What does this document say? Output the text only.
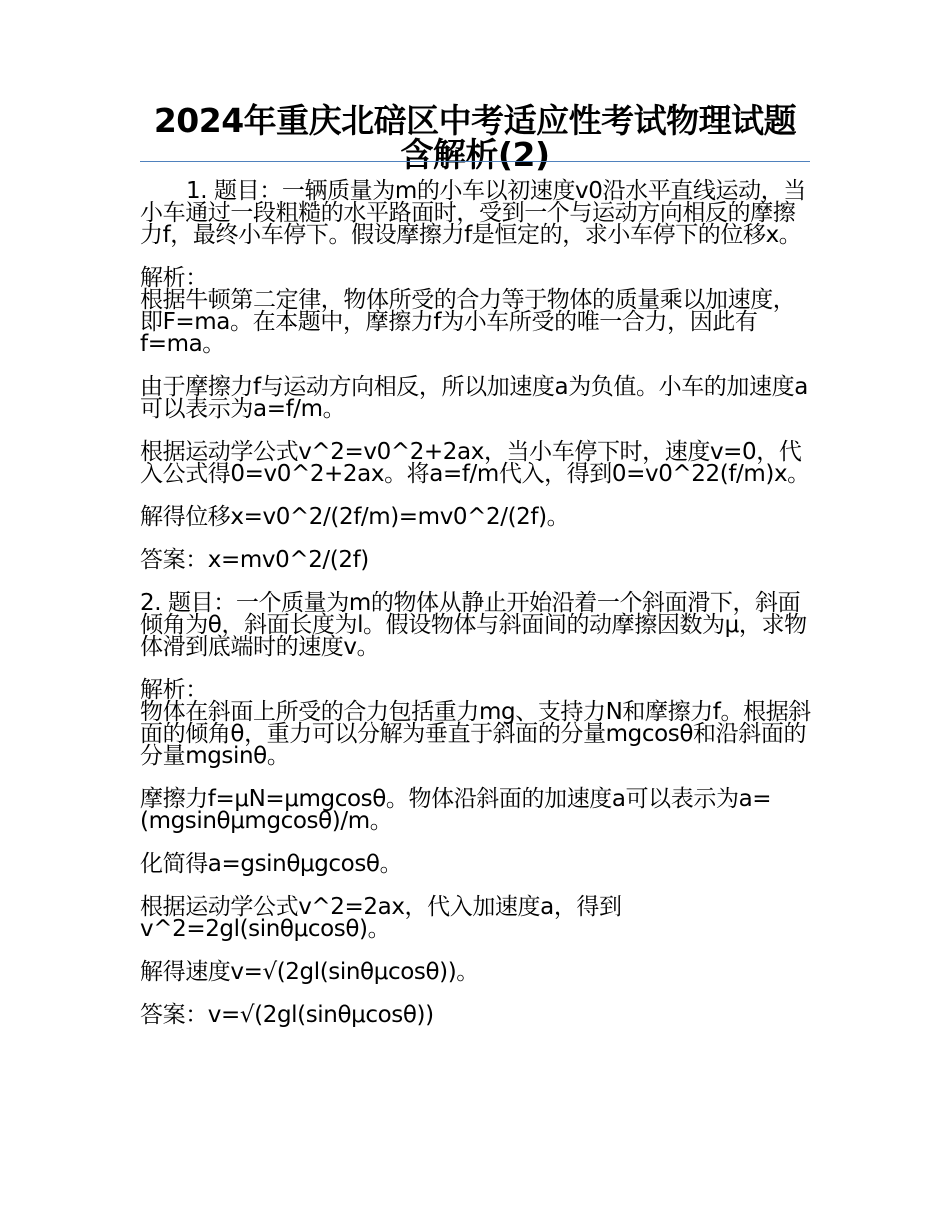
2024年重庆北碚区中考适应性考试物理试题含解析(2)

1. 题目：一辆质量为m的小车以初速度v0沿水平直线运动，当小车通过一段粗糙的水平路面时，受到一个与运动方向相反的摩擦力f，最终小车停下。假设摩擦力f是恒定的，求小车停下的位移x。

解析：

根据牛顿第二定律，物体所受的合力等于物体的质量乘以加速度，即F=ma。在本题中，摩擦力f为小车所受的唯一合力，因此有f=ma。

由于摩擦力f与运动方向相反，所以加速度a为负值。小车的加速度a可以表示为a=f/m。

根据运动学公式v^2=v0^2+2ax，当小车停下时，速度v=0，代入公式得0=v0^2+2ax。将a=f/m代入，得到0=v0^22(f/m)x。

解得位移x=v0^2/(2f/m)=mv0^2/(2f)。

答案：x=mv0^2/(2f)

2. 题目：一个质量为m的物体从静止开始沿着一个斜面滑下，斜面倾角为θ，斜面长度为l。假设物体与斜面间的动摩擦因数为μ，求物体滑到底端时的速度v。

解析：

物体在斜面上所受的合力包括重力mg、支持力N和摩擦力f。根据斜面的倾角θ，重力可以分解为垂直于斜面的分量mgcosθ和沿斜面的分量mgsinθ。

摩擦力f=μN=μmgcosθ。物体沿斜面的加速度a可以表示为a=(mgsinθμmgcosθ)/m。

化简得a=gsinθμgcosθ。

根据运动学公式v^2=2ax，代入加速度a，得到v^2=2gl(sinθμcosθ)。

解得速度v=√(2gl(sinθμcosθ))。

答案：v=√(2gl(sinθμcosθ))
